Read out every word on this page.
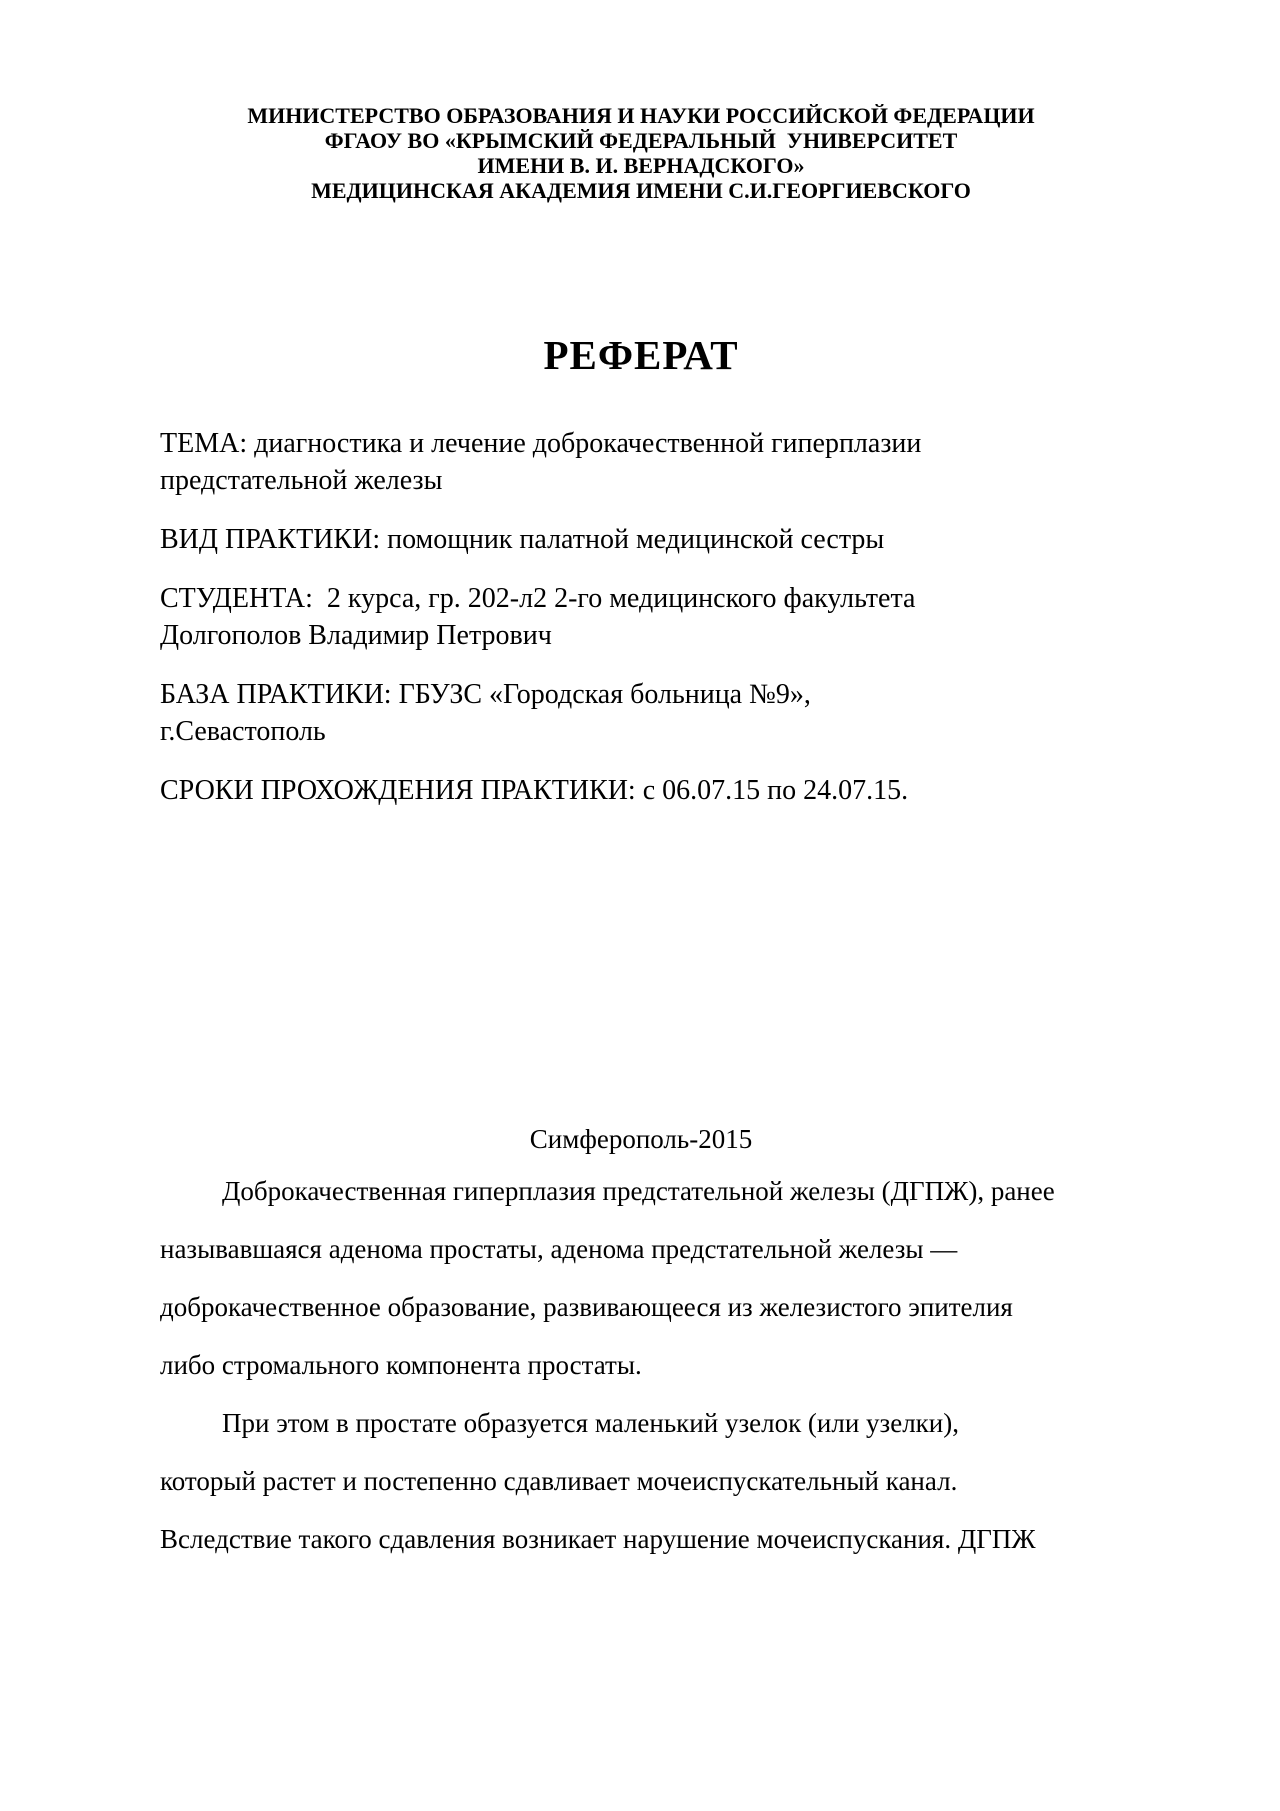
МИНИСТЕРСТВО ОБРАЗОВАНИЯ И НАУКИ РОССИЙСКОЙ ФЕДЕРАЦИИ
ФГАОУ ВО «КРЫМСКИЙ ФЕДЕРАЛЬНЫЙ  УНИВЕРСИТЕТ
ИМЕНИ В. И. ВЕРНАДСКОГО»
МЕДИЦИНСКАЯ АКАДЕМИЯ ИМЕНИ С.И.ГЕОРГИЕВСКОГО
РЕФЕРАТ

ТЕМА: диагностика и лечение доброкачественной гиперплазии
предстательной железы

ВИД ПРАКТИКИ: помощник палатной медицинской сестры

СТУДЕНТА:  2 курса, гр. 202-л2 2-го медицинского факультета
Долгополов Владимир Петрович

БАЗА ПРАКТИКИ: ГБУЗС «Городская больница №9»,
г.Севастополь

СРОКИ ПРОХОЖДЕНИЯ ПРАКТИКИ: с 06.07.15 по 24.07.15.

Симферополь-2015

Доброкачественная гиперплазия предстательной железы (ДГПЖ), ранее
называвшаяся аденома простаты, аденома предстательной железы —
доброкачественное образование, развивающееся из железистого эпителия
либо стромального компонента простаты.

При этом в простате образуется маленький узелок (или узелки),
который растет и постепенно сдавливает мочеиспускательный канал.
Вследствие такого сдавления возникает нарушение мочеиспускания. ДГПЖ
